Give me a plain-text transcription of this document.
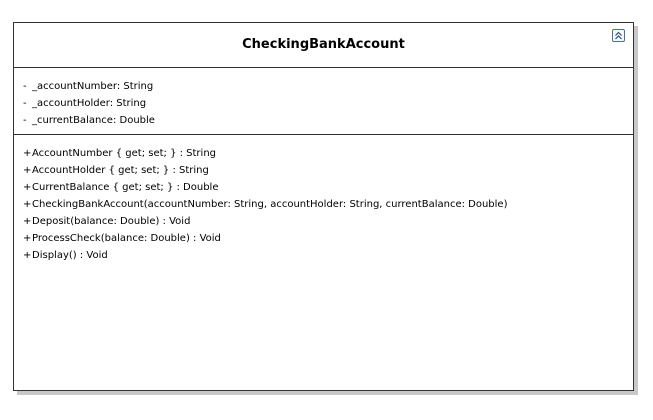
CheckingBankAccount
- _accountNumber: String
- _accountHolder: String
- _currentBalance: Double
+AccountNumber { get; set; } : String
+AccountHolder { get; set; } : String
+CurrentBalance { get; set; } : Double
+CheckingBankAccount(accountNumber: String, accountHolder: String, currentBalance: Double)
+Deposit(balance: Double) : Void
+ProcessCheck(balance: Double) : Void
+Display() : Void
